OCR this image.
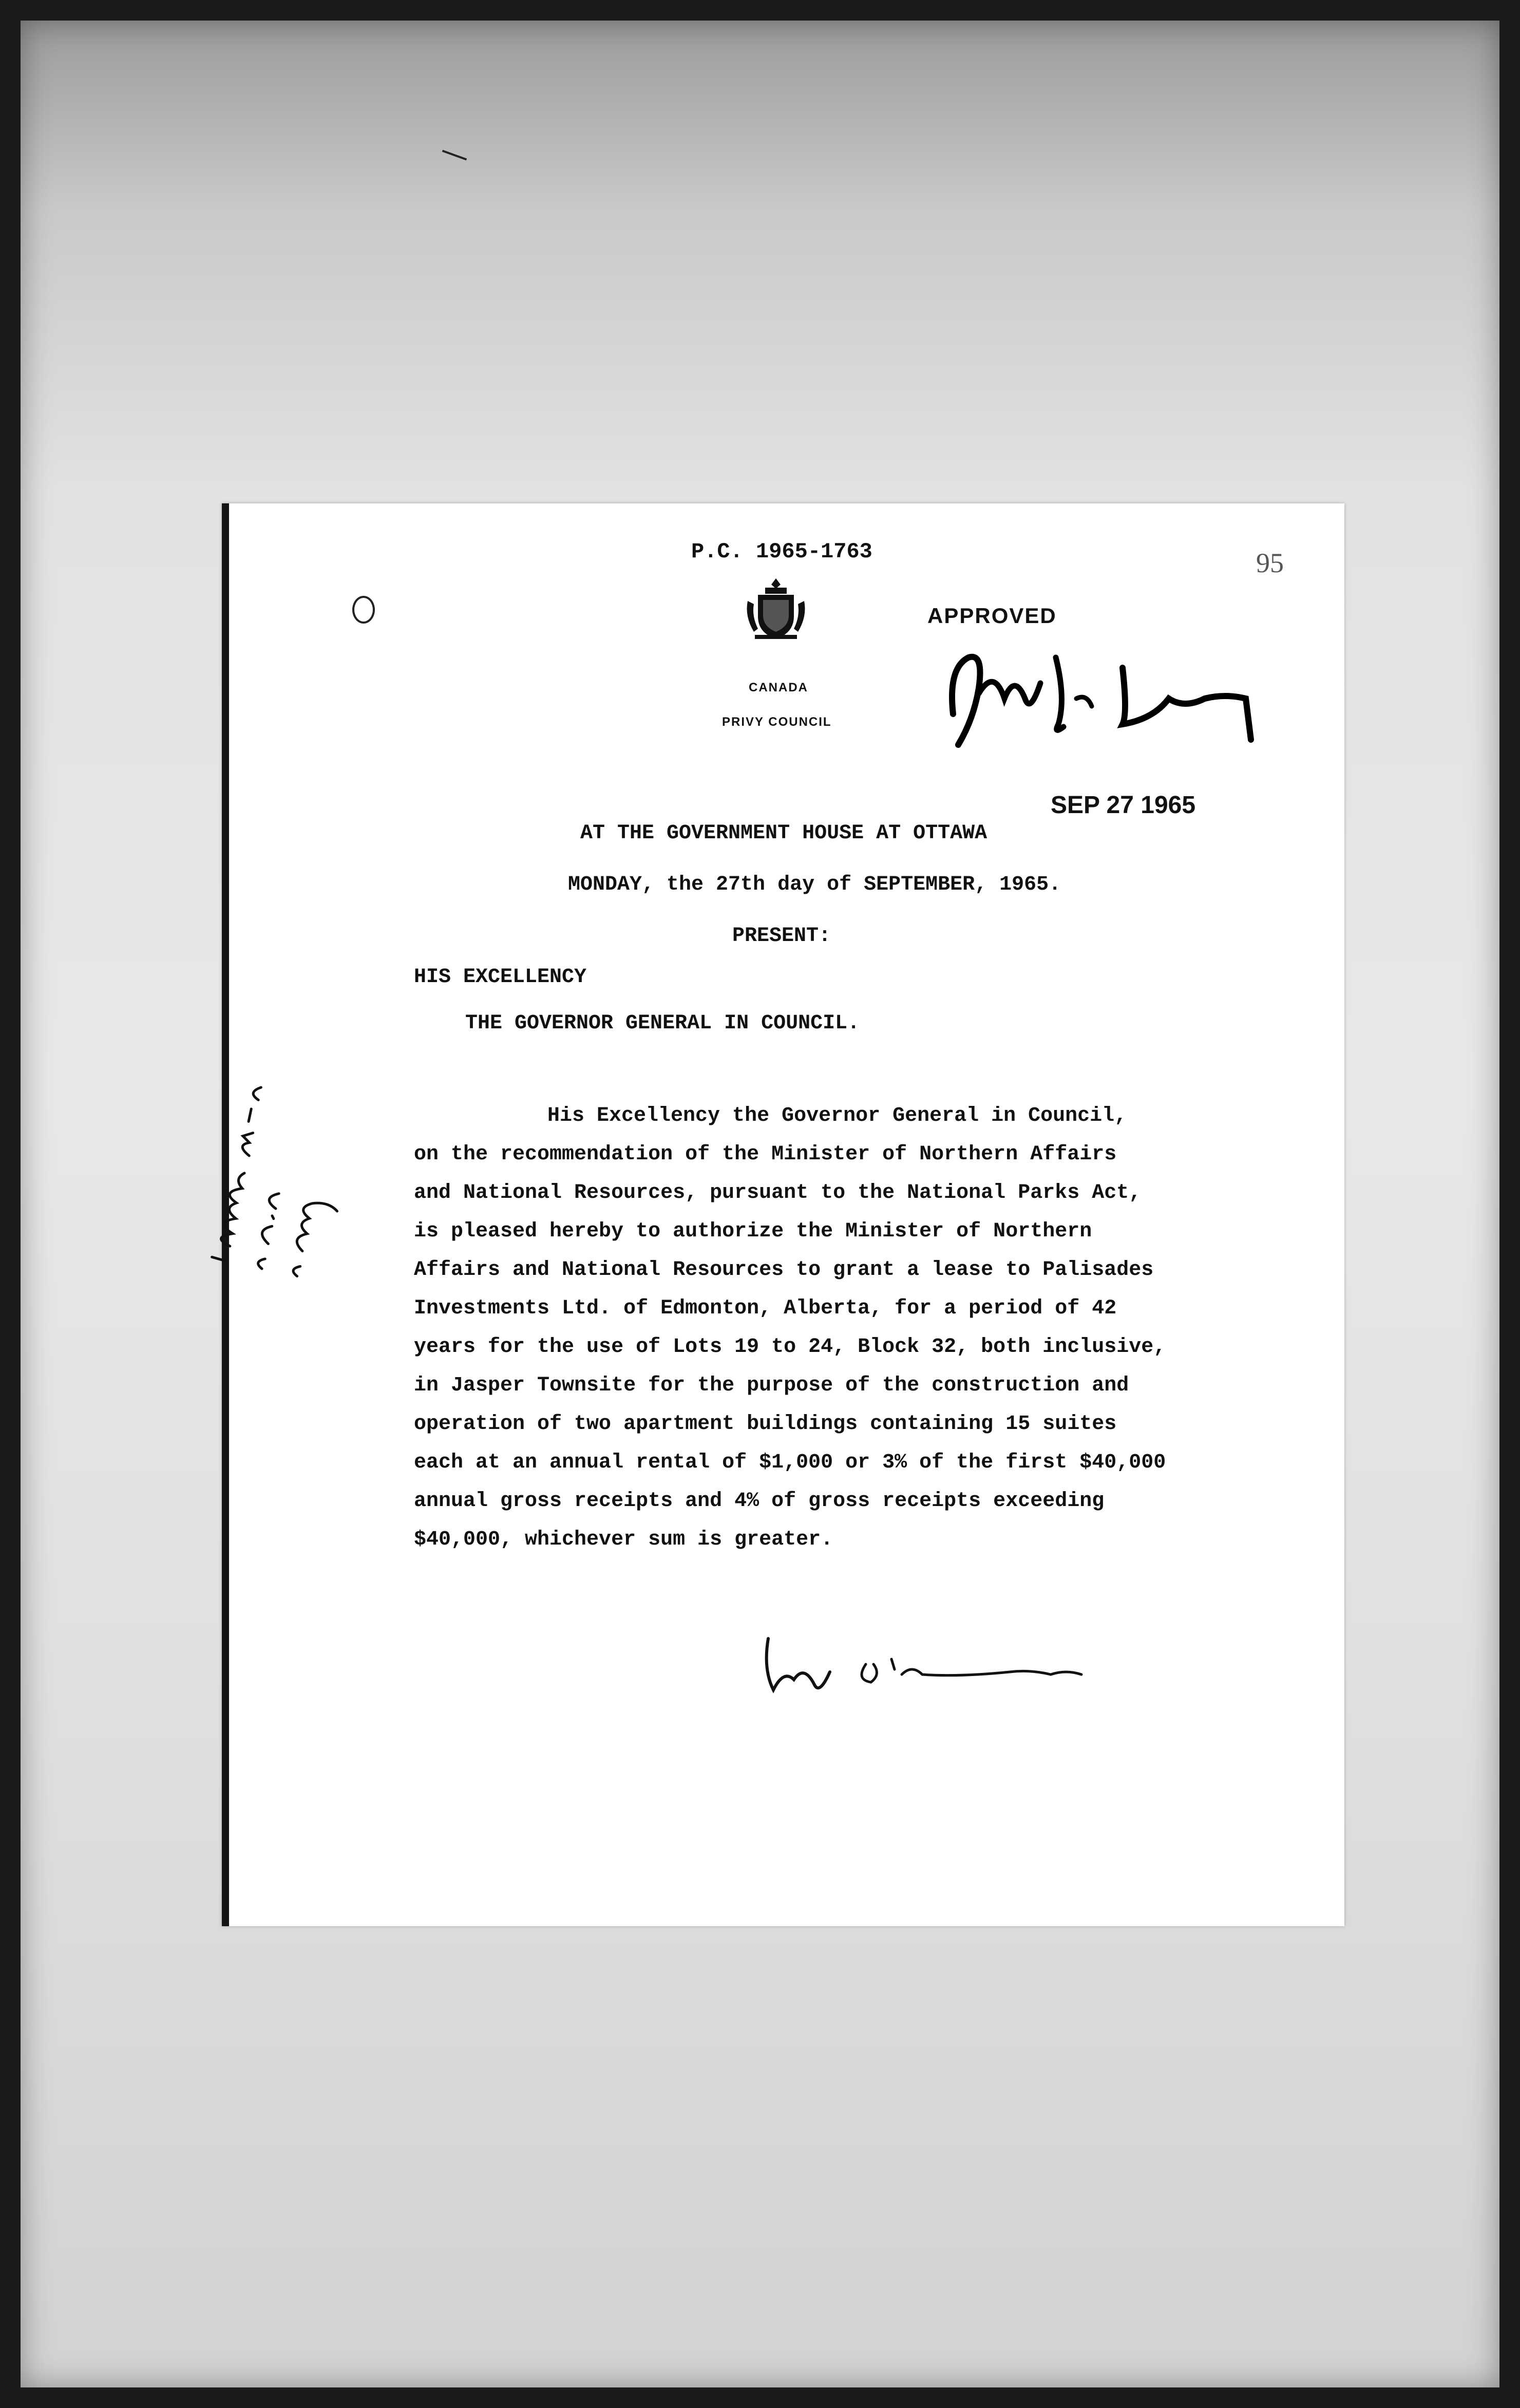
P.C. 1965-1763	95
CANADA
PRIVY COUNCIL
APPROVED
SEP 27 1965
AT THE GOVERNMENT HOUSE AT OTTAWA
MONDAY, the 27th day of SEPTEMBER, 1965.
PRESENT:
HIS EXCELLENCY
THE GOVERNOR GENERAL IN COUNCIL.
His Excellency the Governor General in Council,
on the recommendation of the Minister of Northern Affairs
and National Resources, pursuant to the National Parks Act,
is pleased hereby to authorize the Minister of Northern
Affairs and National Resources to grant a lease to Palisades
Investments Ltd. of Edmonton, Alberta, for a period of 42
years for the use of Lots 19 to 24, Block 32, both inclusive,
in Jasper Townsite for the purpose of the construction and
operation of two apartment buildings containing 15 suites
each at an annual rental of $1,000 or 3% of the first $40,000
annual gross receipts and 4% of gross receipts exceeding
$40,000, whichever sum is greater.
